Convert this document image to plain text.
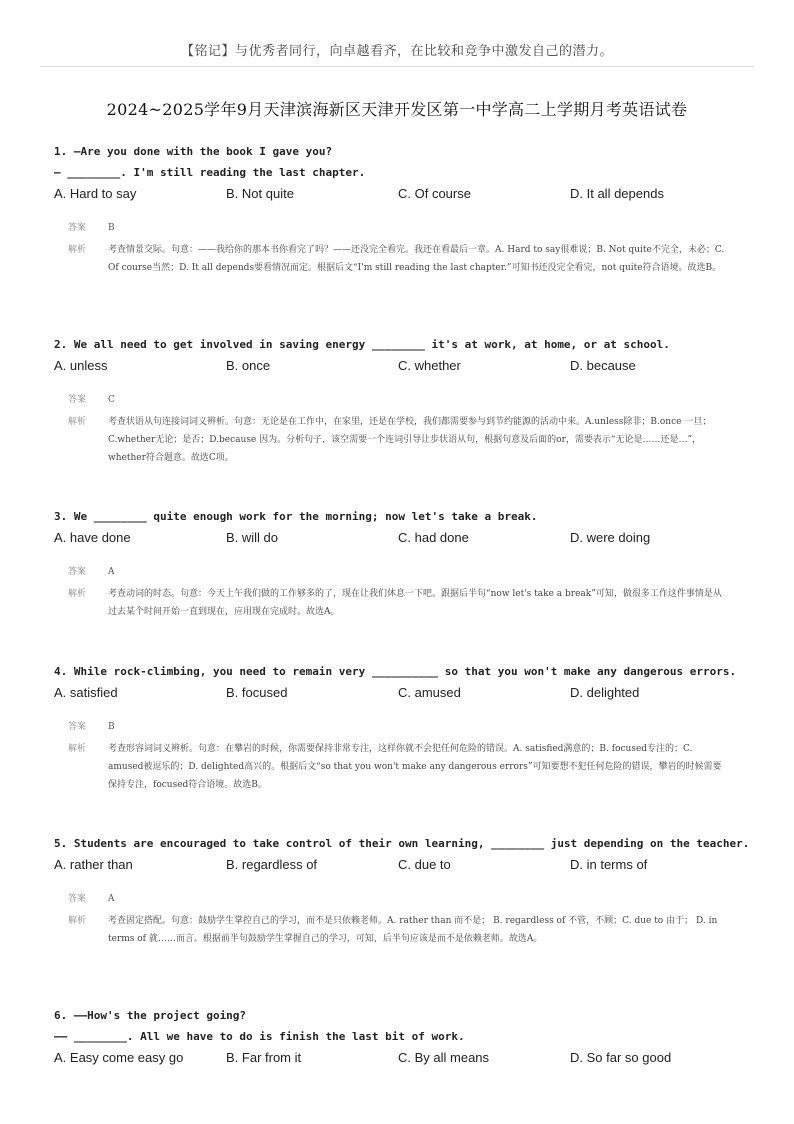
【铭记】与优秀者同行，向卓越看齐，在比较和竞争中激发自己的潜力。
2024~2025学年9月天津滨海新区天津开发区第一中学高二上学期月考英语试卷
1. —Are you done with the book I gave you?
— ________. I'm still reading the last chapter.
A. Hard to say	B. Not quite	C. Of course	D. It all depends
答案	B
解析	考查情景交际。句意：——我给你的那本书你看完了吗？——还没完全看完。我还在看最后一章。A. Hard to say很难说；B. Not quite不完全，未必；C. Of course当然；D. It all depends要看情况而定。根据后文“I'm still reading the last chapter.”可知书还没完全看完，not quite符合语境。故选B。
2. We all need to get involved in saving energy ________ it's at work, at home, or at school.
A. unless	B. once	C. whether	D. because
答案	C
解析	考查状语从句连接词词义辨析。句意：无论是在工作中，在家里，还是在学校，我们都需要参与到节约能源的活动中来。A.unless除非；B.once 一旦；C.whether无论；是否；D.because 因为。分析句子，该空需要一个连词引导让步状语从句，根据句意及后面的or，需要表示“无论是……还是…”，whether符合题意。故选C项。
3. We ________ quite enough work for the morning; now let's take a break.
A. have done	B. will do	C. had done	D. were doing
答案	A
解析	考查动词的时态。句意：今天上午我们做的工作够多的了，现在让我们休息一下吧。跟据后半句“now let's take a break”可知，做很多工作这件事情是从过去某个时间开始一直到现在，应用现在完成时。故选A。
4. While rock-climbing, you need to remain very __________ so that you won't make any dangerous errors.
A. satisfied	B. focused	C. amused	D. delighted
答案	B
解析	考查形容词词义辨析。句意：在攀岩的时候，你需要保持非常专注，这样你就不会犯任何危险的错误。A. satisfied满意的；B. focused专注的；C. amused被逗乐的；D. delighted高兴的。根据后文“so that you won't make any dangerous errors”可知要想不犯任何危险的错误，攀岩的时候需要保持专注，focused符合语境。故选B。
5. Students are encouraged to take control of their own learning, ________ just depending on the teacher.
A. rather than	B. regardless of	C. due to	D. in terms of
答案	A
解析	考查固定搭配。句意：鼓励学生掌控自己的学习，而不是只依赖老师。A. rather than 而不是； B. regardless of 不管，不顾；C. due to 由于； D. in terms of 就……而言。根据前半句鼓励学生掌握自己的学习，可知，后半句应该是而不是依赖老师。故选A。
6. ——How's the project going?
—— ________. All we have to do is finish the last bit of work.
A. Easy come easy go	B. Far from it	C. By all means	D. So far so good
